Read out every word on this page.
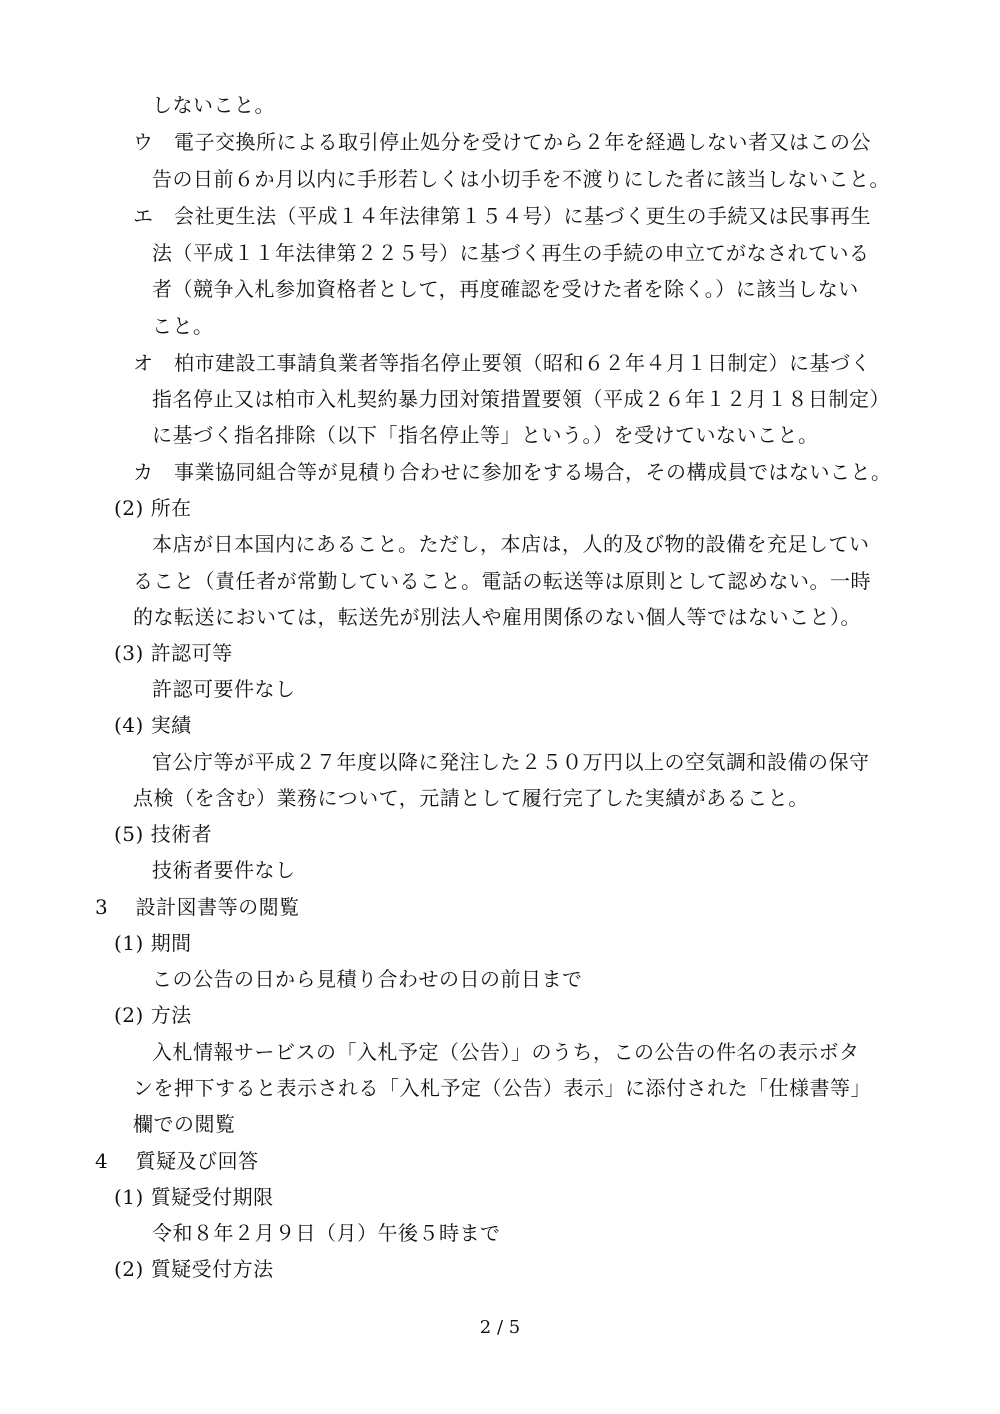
しないこと。
ウ　電子交換所による取引停止処分を受けてから２年を経過しない者又はこの公
告の日前６か月以内に手形若しくは小切手を不渡りにした者に該当しないこと。
エ　会社更生法（平成１４年法律第１５４号）に基づく更生の手続又は民事再生
法（平成１１年法律第２２５号）に基づく再生の手続の申立てがなされている
者（競争入札参加資格者として，再度確認を受けた者を除く。）に該当しない
こと。
オ　柏市建設工事請負業者等指名停止要領（昭和６２年４月１日制定）に基づく
指名停止又は柏市入札契約暴力団対策措置要領（平成２６年１２月１８日制定）
に基づく指名排除（以下「指名停止等」という。）を受けていないこと。
カ　事業協同組合等が見積り合わせに参加をする場合，その構成員ではないこと。
(2) 所在
本店が日本国内にあること。ただし，本店は，人的及び物的設備を充足してい
ること（責任者が常勤していること。電話の転送等は原則として認めない。一時
的な転送においては，転送先が別法人や雇用関係のない個人等ではないこと）。
(3) 許認可等
許認可要件なし
(4) 実績
官公庁等が平成２７年度以降に発注した２５０万円以上の空気調和設備の保守
点検（を含む）業務について，元請として履行完了した実績があること。
(5) 技術者
技術者要件なし
3　 設計図書等の閲覧
(1) 期間
この公告の日から見積り合わせの日の前日まで
(2) 方法
入札情報サービスの「入札予定（公告）」のうち，この公告の件名の表示ボタ
ンを押下すると表示される「入札予定（公告）表示」に添付された「仕様書等」
欄での閲覧
4　 質疑及び回答
(1) 質疑受付期限
令和８年２月９日（月）午後５時まで
(2) 質疑受付方法
2 / 5
